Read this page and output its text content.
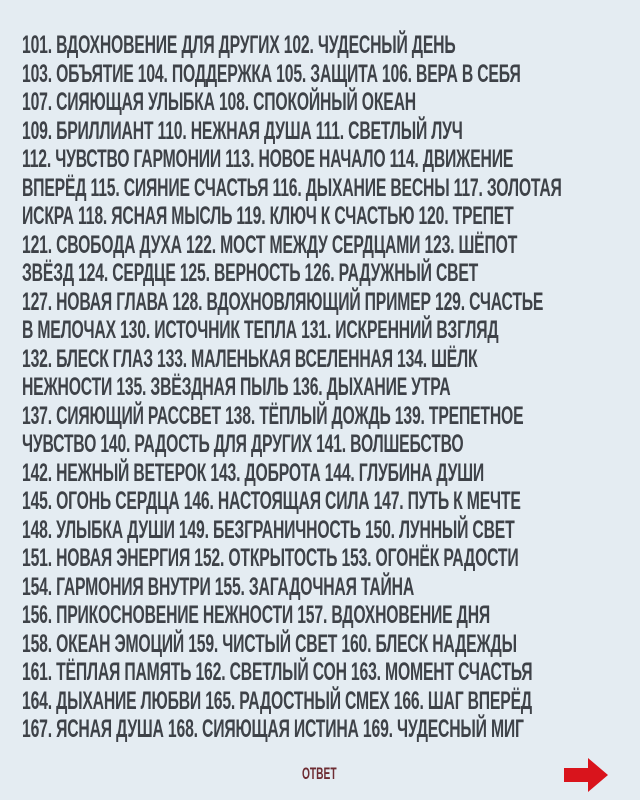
101. ВДОХНОВЕНИЕ ДЛЯ ДРУГИХ 102. ЧУДЕСНЫЙ ДЕНЬ
103. ОБЪЯТИЕ 104. ПОДДЕРЖКА 105. ЗАЩИТА 106. ВЕРА В СЕБЯ
107. СИЯЮЩАЯ УЛЫБКА 108. СПОКОЙНЫЙ ОКЕАН
109. БРИЛЛИАНТ 110. НЕЖНАЯ ДУША 111. СВЕТЛЫЙ ЛУЧ
112. ЧУВСТВО ГАРМОНИИ 113. НОВОЕ НАЧАЛО 114. ДВИЖЕНИЕ
ВПЕРЁД 115. СИЯНИЕ СЧАСТЬЯ 116. ДЫХАНИЕ ВЕСНЫ 117. ЗОЛОТАЯ
ИСКРА 118. ЯСНАЯ МЫСЛЬ 119. КЛЮЧ К СЧАСТЬЮ 120. ТРЕПЕТ
121. СВОБОДА ДУХА 122. МОСТ МЕЖДУ СЕРДЦАМИ 123. ШЁПОТ
ЗВЁЗД 124. СЕРДЦЕ 125. ВЕРНОСТЬ 126. РАДУЖНЫЙ СВЕТ
127. НОВАЯ ГЛАВА 128. ВДОХНОВЛЯЮЩИЙ ПРИМЕР 129. СЧАСТЬЕ
В МЕЛОЧАХ 130. ИСТОЧНИК ТЕПЛА 131. ИСКРЕННИЙ ВЗГЛЯД
132. БЛЕСК ГЛАЗ 133. МАЛЕНЬКАЯ ВСЕЛЕННАЯ 134. ШЁЛК
НЕЖНОСТИ 135. ЗВЁЗДНАЯ ПЫЛЬ 136. ДЫХАНИЕ УТРА
137. СИЯЮЩИЙ РАССВЕТ 138. ТЁПЛЫЙ ДОЖДЬ 139. ТРЕПЕТНОЕ
ЧУВСТВО 140. РАДОСТЬ ДЛЯ ДРУГИХ 141. ВОЛШЕБСТВО
142. НЕЖНЫЙ ВЕТЕРОК 143. ДОБРОТА 144. ГЛУБИНА ДУШИ
145. ОГОНЬ СЕРДЦА 146. НАСТОЯЩАЯ СИЛА 147. ПУТЬ К МЕЧТЕ
148. УЛЫБКА ДУШИ 149. БЕЗГРАНИЧНОСТЬ 150. ЛУННЫЙ СВЕТ
151. НОВАЯ ЭНЕРГИЯ 152. ОТКРЫТОСТЬ 153. ОГОНЁК РАДОСТИ
154. ГАРМОНИЯ ВНУТРИ 155. ЗАГАДОЧНАЯ ТАЙНА
156. ПРИКОСНОВЕНИЕ НЕЖНОСТИ 157. ВДОХНОВЕНИЕ ДНЯ
158. ОКЕАН ЭМОЦИЙ 159. ЧИСТЫЙ СВЕТ 160. БЛЕСК НАДЕЖДЫ
161. ТЁПЛАЯ ПАМЯТЬ 162. СВЕТЛЫЙ СОН 163. МОМЕНТ СЧАСТЬЯ
164. ДЫХАНИЕ ЛЮБВИ 165. РАДОСТНЫЙ СМЕХ 166. ШАГ ВПЕРЁД
167. ЯСНАЯ ДУША 168. СИЯЮЩАЯ ИСТИНА 169. ЧУДЕСНЫЙ МИГ
ОТВЕТ
